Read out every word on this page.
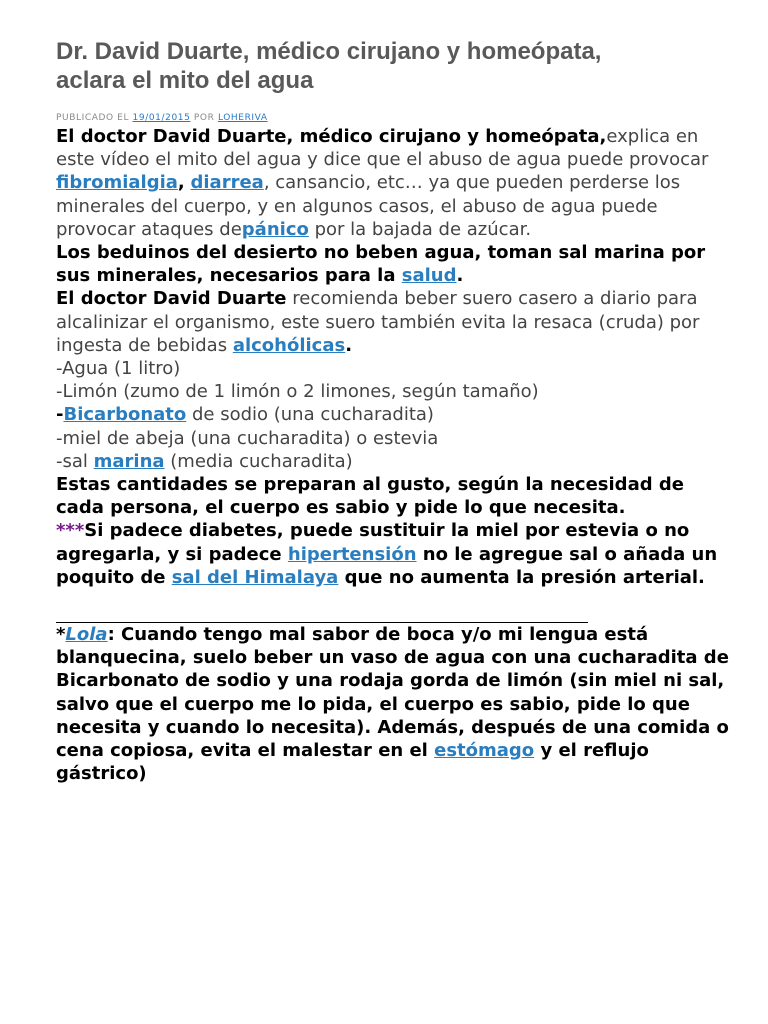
Dr. David Duarte, médico cirujano y homeópata,
aclara el mito del agua
PUBLICADO EL 19/01/2015 POR LOHERIVA

El doctor David Duarte, médico cirujano y homeópata,explica en este vídeo el mito del agua y dice que el abuso de agua puede provocar fibromialgia, diarrea, cansancio, etc… ya que pueden perderse los minerales del cuerpo, y en algunos casos, el abuso de agua puede provocar ataques depánico por la bajada de azúcar.

Los beduinos del desierto no beben agua, toman sal marina por sus minerales, necesarios para la salud.

El doctor David Duarte recomienda beber suero casero a diario para alcalinizar el organismo, este suero también evita la resaca (cruda) por ingesta de bebidas alcohólicas.

-Agua (1 litro)

-Limón (zumo de 1 limón o 2 limones, según tamaño)

-Bicarbonato de sodio (una cucharadita)

-miel de abeja (una cucharadita) o estevia

-sal marina (media cucharadita)

Estas cantidades se preparan al gusto, según la necesidad de cada persona, el cuerpo es sabio y pide lo que necesita.

***Si padece diabetes, puede sustituir la miel por estevia o no agregarla, y si padece hipertensión no le agregue sal o añada un poquito de sal del Himalaya que no aumenta la presión arterial.

*Lola: Cuando tengo mal sabor de boca y/o mi lengua está blanquecina, suelo beber un vaso de agua con una cucharadita de Bicarbonato de sodio y una rodaja gorda de limón (sin miel ni sal, salvo que el cuerpo me lo pida, el cuerpo es sabio, pide lo que necesita y cuando lo necesita). Además, después de una comida o cena copiosa, evita el malestar en el estómago y el reflujo gástrico)
